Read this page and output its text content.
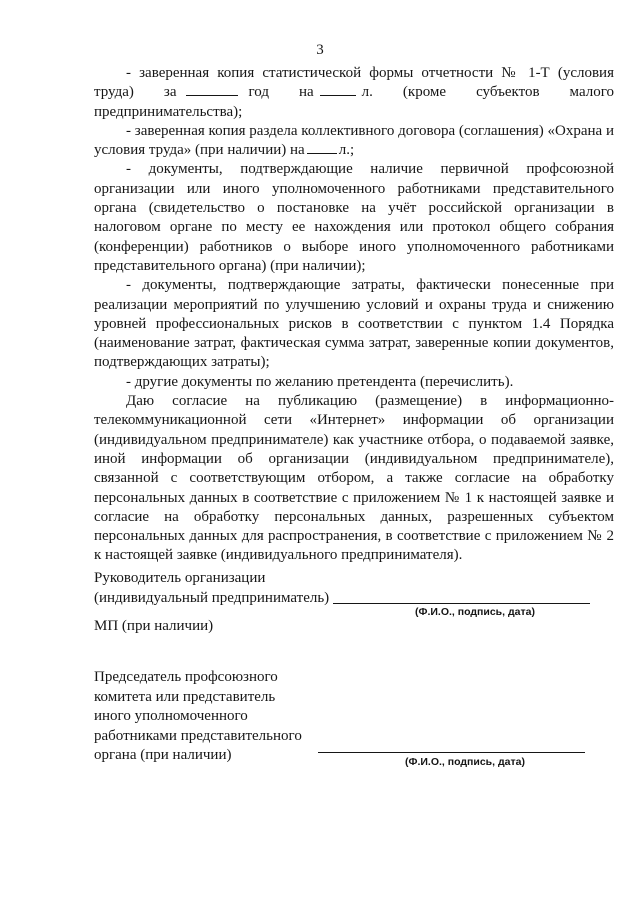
3

- заверенная копия статистической формы отчетности № 1-Т (условия труда) за	год на	л. (кроме субъектов малого предпринимательства);

- заверенная копия раздела коллективного договора (соглашения) «Охрана и условия труда» (при наличии) на л.;

- документы, подтверждающие наличие первичной профсоюзной организации или иного уполномоченного работниками представительного органа (свидетельство о постановке на учёт российской организации в налоговом органе по месту ее нахождения или протокол общего собрания (конференции) работников о выборе иного уполномоченного работниками представительного органа) (при наличии);

- документы, подтверждающие затраты, фактически понесенные при реализации мероприятий по улучшению условий и охраны труда и снижению уровней профессиональных рисков в соответствии с пунктом 1.4 Порядка (наименование затрат, фактическая сумма затрат, заверенные копии документов, подтверждающих затраты);

- другие документы по желанию претендента (перечислить).

Даю согласие на публикацию (размещение) в информационно-телекоммуникационной сети «Интернет» информации об организации (индивидуальном предпринимателе) как участнике отбора, о подаваемой заявке, иной информации об организации (индивидуальном предпринимателе), связанной с соответствующим отбором, а также согласие на обработку персональных данных в соответствие с приложением № 1 к настоящей заявке и согласие на обработку персональных данных, разрешенных субъектом персональных данных для распространения, в соответствие с приложением № 2 к настоящей заявке (индивидуального предпринимателя).

Руководитель организации
(индивидуальный предприниматель)
(Ф.И.О., подпись, дата)
МП (при наличии)
Председатель профсоюзного
комитета или представитель
иного уполномоченного
работниками представительного
органа (при наличии)	(Ф.И.О., подпись, дата)
